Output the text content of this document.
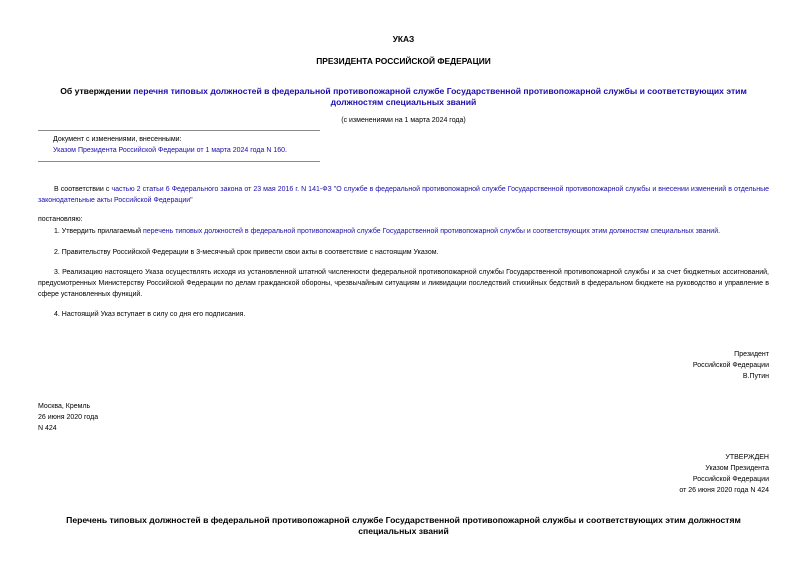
УКАЗ
ПРЕЗИДЕНТА РОССИЙСКОЙ ФЕДЕРАЦИИ
Об утверждении перечня типовых должностей в федеральной противопожарной службе Государственной противопожарной службы и соответствующих этим должностям специальных званий
(с изменениями на 1 марта 2024 года)
Документ с изменениями, внесенными:
Указом Президента Российской Федерации от 1 марта 2024 года N 160.
В соответствии с частью 2 статьи 6 Федерального закона от 23 мая 2016 г. N 141-ФЗ "О службе в федеральной противопожарной службе Государственной противопожарной службы и внесении изменений в отдельные законодательные акты Российской Федерации"
постановляю:
1. Утвердить прилагаемый перечень типовых должностей в федеральной противопожарной службе Государственной противопожарной службы и соответствующих этим должностям специальных званий.
2. Правительству Российской Федерации в 3-месячный срок привести свои акты в соответствие с настоящим Указом.
3. Реализацию настоящего Указа осуществлять исходя из установленной штатной численности федеральной противопожарной службы Государственной противопожарной службы и за счет бюджетных ассигнований, предусмотренных Министерству Российской Федерации по делам гражданской обороны, чрезвычайным ситуациям и ликвидации последствий стихийных бедствий в федеральном бюджете на руководство и управление в сфере установленных функций.
4. Настоящий Указ вступает в силу со дня его подписания.
Президент
Российской Федерации
В.Путин
Москва, Кремль
26 июня 2020 года
N 424
УТВЕРЖДЕН
Указом Президента
Российской Федерации
от 26 июня 2020 года N 424
Перечень типовых должностей в федеральной противопожарной службе Государственной противопожарной службы и соответствующих этим должностям специальных званий
